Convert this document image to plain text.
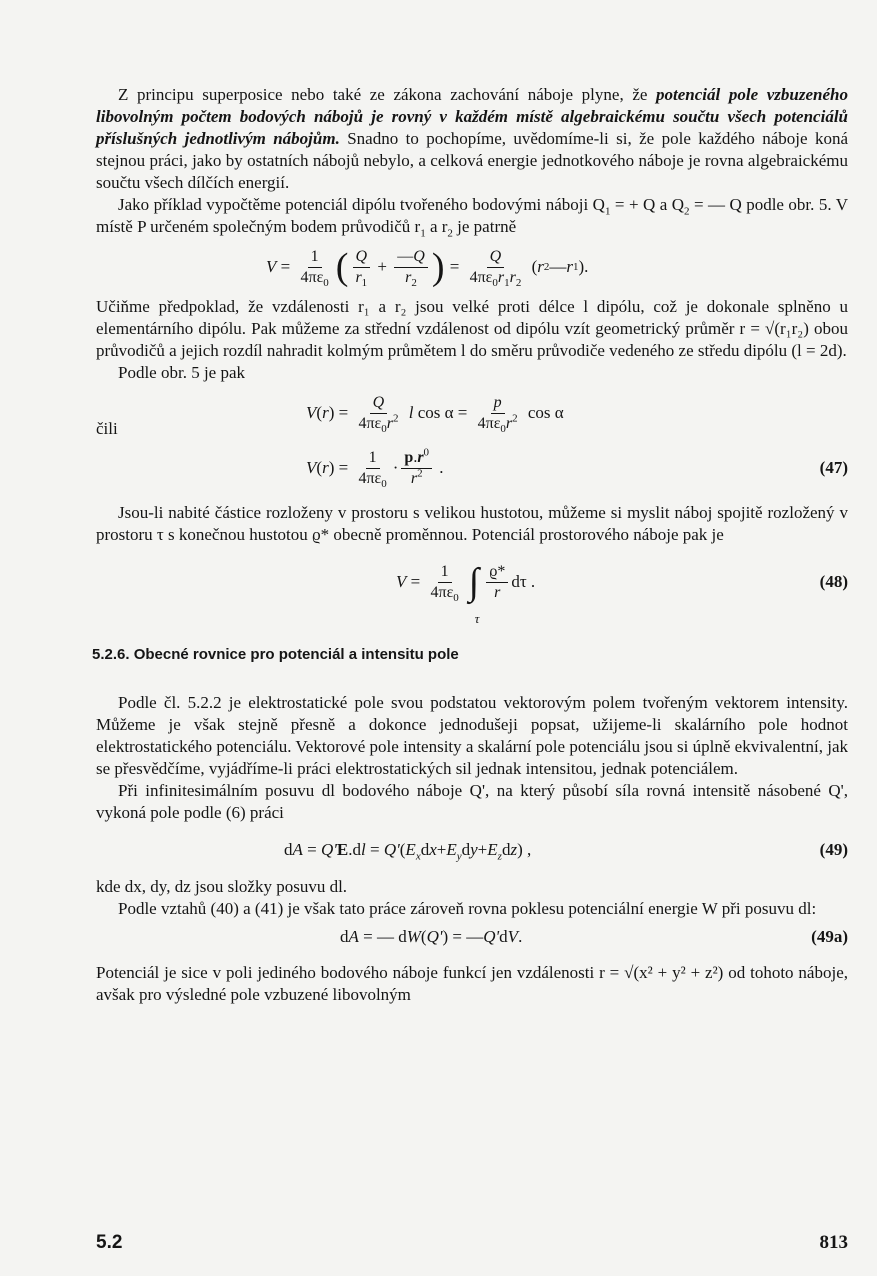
Z principu superposice nebo také ze zákona zachování náboje plyne, že potenciál pole vzbuzeného libovolným počtem bodových nábojů je rovný v každém místě algebraickému součtu všech potenciálů příslušných jednotlivým nábojům. Snadno to pochopíme, uvědomíme-li si, že pole každého náboje koná stejnou práci, jako by ostatních nábojů nebylo, a celková energie jednotkového náboje je rovna algebraickému součtu všech dílčích energií.

Jako příklad vypočtěme potenciál dipólu tvořeného bodovými náboji $Q_1$ = + Q a $Q_2$ = — Q podle obr. 5. V místě P určeném společným bodem průvodičů $r_1$ a $r_2$ je patrně

$V = \frac{1}{4\pi\varepsilon_0}$ ( $\frac{Q}{r_1} + \frac{—Q}{r_2}$ ) = $\frac{Q}{4\pi\varepsilon_0r_1r_2}$ ( r 2 — r 1 ).

Učiňme předpoklad, že vzdálenosti r₁ a r₂ jsou velké proti délce l dipólu, což je dokonale splněno u elementárního dipólu. Pak můžeme za střední vzdálenost od dipólu vzít geometrický průměr r = √(r₁r₂) obou průvodičů a jejich rozdíl nahradit kolmým průmětem l do směru průvodiče vedeného ze středu dipólu (l = 2d).

Podle obr. 5 je pak

V ( r ) = $\frac{Q}{4\pi\varepsilon_0r^2}$
l $\cos \alpha = \frac{p}{4\pi\varepsilon_0r^2}$ cos α
čili
V ( r ) = $\frac{1}{4\pi\varepsilon_0} \cdot \frac{p.r^0}{r^2}$ .	(47)

Jsou-li nabité částice rozloženy v prostoru s velikou hustotou, můžeme si myslit náboj spojitě rozložený v prostoru τ s konečnou hustotou ϱ* obecně proměnnou. Potenciál prostorového náboje pak je

$V = \frac{1}{4\pi\varepsilon_0}$ ∫
τ
$\frac{ϱ*}{r}$ dτ .	(48)
5.2.6. Obecné rovnice pro potenciál a intensitu pole

Podle čl. 5.2.2 je elektrostatické pole svou podstatou vektorovým polem tvořeným vektorem intensity. Můžeme je však stejně přesně a dokonce jednodušeji popsat, užijeme-li skalárního pole hodnot elektrostatického potenciálu. Vektorové pole intensity a skalární pole potenciálu jsou si úplně ekvivalentní, jak se přesvědčíme, vyjádříme-li práci elektrostatických sil jednak intensitou, jednak potenciálem.

Při infinitesimálním posuvu dl bodového náboje Q', na který působí síla rovná intensitě násobené Q', vykoná pole podle (6) práci

d A = Q' E .d l = Q' ( $E_x$ d $x + E_y$ d $y + E_z$ d z ) ,	(49)

kde dx, dy, dz jsou složky posuvu dl.

Podle vztahů (40) a (41) je však tato práce zároveň rovna poklesu potenciální energie W při posuvu dl:

d A = — d W ( Q' ) = — Q' d V .	(49a)

Potenciál je sice v poli jediného bodového náboje funkcí jen vzdálenosti r = √(x² + y² + z²) od tohoto náboje, avšak pro výsledné pole vzbuzené libovolným

5.2	813
